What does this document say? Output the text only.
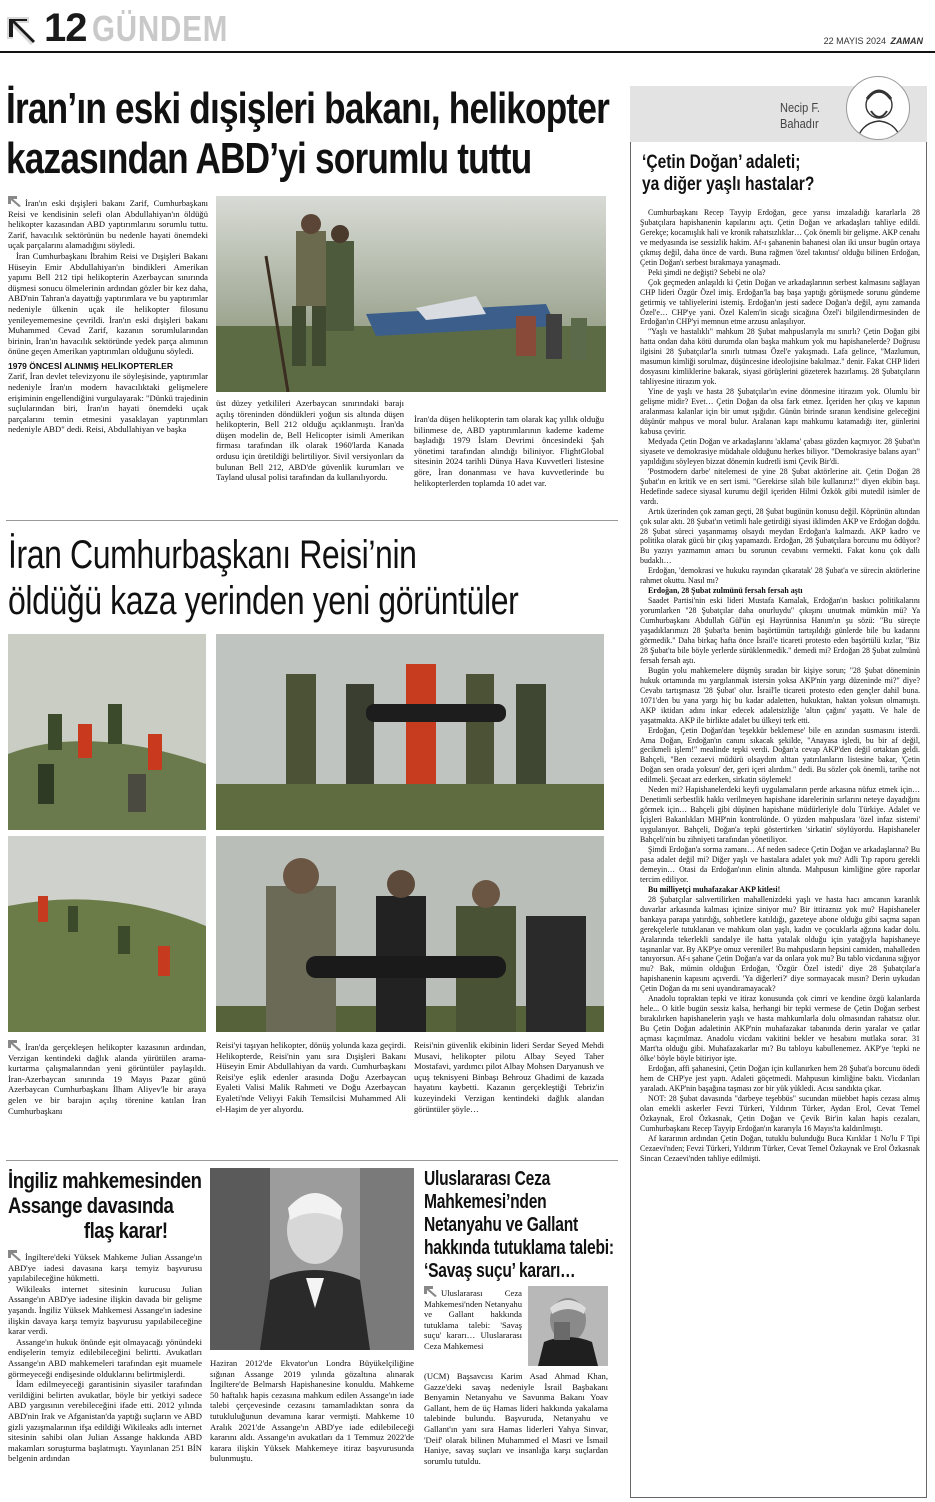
12 GÜNDEM	22 MAYIS 2024 ZAMAN
İran’ın eski dışişleri bakanı, helikopter
kazasından ABD’yi sorumlu tuttu

İran'ın eski dışişleri bakanı Zarif, Cumhurbaşkanı Reisi ve kendisinin selefi olan Abdullahiyan'ın öldüğü helikopter kazasından ABD yaptırımlarını sorumlu tuttu. Zarif, havacılık sektörünün bu nedenle hayati önemdeki uçak parçalarını alamadığını söyledi.

İran Cumhurbaşkanı İbrahim Reisi ve Dışişleri Bakanı Hüseyin Emir Abdullahiyan'ın bindikleri Amerikan yapımı Bell 212 tipi helikopterin Azerbaycan sınırında düşmesi sonucu ölmelerinin ardından gözler bir kez daha, ABD'nin Tahran'a dayattığı yaptırımlara ve bu yaptırımlar nedeniyle ülkenin uçak ile helikopter filosunu yenileyememesine çevrildi. İran'ın eski dışişleri bakanı Muhammed Cevad Zarif, kazanın sorumlularından birinin, İran'ın havacılık sektöründe yedek parça alımının önüne geçen Amerikan yaptırımları olduğunu söyledi.

1979 ÖNCESİ ALINMIŞ HELİKOPTERLER

Zarif, İran devlet televizyonu ile söyleşisinde, yaptırımlar nedeniyle İran'ın modern havacılıktaki gelişmelere erişiminin engellendiğini vurgulayarak: "Dünkü trajedinin suçlularından biri, İran'ın hayati önemdeki uçak parçalarını temin etmesini yasaklayan yaptırımları nedeniyle ABD" dedi. Reisi, Abdullahiyan ve başka

üst düzey yetkilileri Azerbaycan sınırındaki barajı açılış töreninden döndükleri yoğun sis altında düşen helikopterin, Bell 212 olduğu açıklanmıştı. İran'da düşen modelin de, Bell Helicopter isimli Amerikan firması tarafından ilk olarak 1960'larda Kanada ordusu için üretildiği belirtiliyor. Sivil versiyonları da bulunan Bell 212, ABD'de güvenlik kurumları ve Tayland ulusal polisi tarafından da kullanılıyordu.
İran'da düşen helikopterin tam olarak kaç yıllık olduğu bilinmese de, ABD yaptırımlarının kademe kademe başladığı 1979 İslam Devrimi öncesindeki Şah yönetimi tarafından alındığı biliniyor. FlightGlobal sitesinin 2024 tarihli Dünya Hava Kuvvetleri listesine göre, İran donanması ve hava kuvvetlerinde bu helikopterlerden toplamda 10 adet var.
İran Cumhurbaşkanı Reisi’nin
öldüğü kaza yerinden yeni görüntüler

İran'da gerçekleşen helikopter kazasının ardından, Verzigan kentindeki dağlık alanda yürütülen arama-kurtarma çalışmalarından yeni görüntüler paylaşıldı. İran-Azerbaycan sınırında 19 Mayıs Pazar günü Azerbaycan Cumhurbaşkanı İlham Aliyev'le bir araya gelen ve bir barajın açılış törenine katılan İran Cumhurbaşkanı

Reisi'yi taşıyan helikopter, dönüş yolunda kaza geçirdi. Helikopterde, Reisi'nin yanı sıra Dışişleri Bakanı Hüseyin Emir Abdullahiyan da vardı. Cumhurbaşkanı Reisi'ye eşlik edenler arasında Doğu Azerbaycan Eyaleti Valisi Malik Rahmeti ve Doğu Azerbaycan Eyaleti'nde Veliyyi Fakih Temsilcisi Muhammed Ali el-Haşim de yer alıyordu.
Reisi'nin güvenlik ekibinin lideri Serdar Seyed Mehdi Musavi, helikopter pilotu Albay Seyed Taher Mostafavi, yardımcı pilot Albay Mohsen Daryanush ve uçuş teknisyeni Binbaşı Behrouz Ghadimi de kazada hayatını kaybetti. Kazanın gerçekleştiği Tebriz'in kuzeyindeki Verzigan kentindeki dağlık alandan görüntüler şöyle…
İngiliz mahkemesinden
Assange davasında
flaş karar!

İngiltere'deki Yüksek Mahkeme Julian Assange'ın ABD'ye iadesi davasına karşı temyiz başvurusu yapılabileceğine hükmetti.

Wikileaks internet sitesinin kurucusu Julian Assange'ın ABD'ye iadesine ilişkin davada bir gelişme yaşandı. İngiliz Yüksek Mahkemesi Assange'ın iadesine ilişkin davaya karşı temyiz başvurusu yapılabileceğine karar verdi.

Assange'ın hukuk önünde eşit olmayacağı yönündeki endişelerin temyiz edilebileceğini belirtti. Avukatları Assange'ın ABD mahkemeleri tarafından eşit muamele görmeyeceği endişesinde olduklarını belirtmişlerdi.

İdam edilmeyeceği garantisinin siyasiler tarafından verildiğini belirten avukatlar, böyle bir yetkiyi sadece ABD yargısının verebileceğini ifade etti. 2012 yılında ABD'nin Irak ve Afganistan'da yaptığı suçların ve ABD gizli yazışmalarının ifşa edildiği Wikileaks adlı internet sitesinin sahibi olan Julian Assange hakkında ABD makamları soruşturma başlatmıştı. Yayınlanan 251 BİN belgenin ardından

Haziran 2012'de Ekvator'un Londra Büyükelçiliğine sığınan Assange 2019 yılında gözaltına alınarak İngiltere'de Belmarsh Hapishanesine konuldu. Mahkeme 50 haftalık hapis cezasına mahkum edilen Assange'ın iade talebi çerçevesinde cezasını tamamladıktan sonra da tutukluluğunun devamına karar vermişti. Mahkeme 10 Aralık 2021'de Assange'ın ABD'ye iade edilebileceği kararını aldı. Assange'ın avukatları da 1 Temmuz 2022'de karara ilişkin Yüksek Mahkemeye itiraz başvurusunda bulunmuştu.
Uluslararası Ceza
Mahkemesi’nden
Netanyahu ve Gallant
hakkında tutuklama talebi:
‘Savaş suçu’ kararı…

Uluslararası Ceza Mahkemesi'nden Netanyahu ve Gallant hakkında tutuklama talebi: 'Savaş suçu' kararı… Uluslararası Ceza Mahkemesi

(UCM) Başsavcısı Karim Asad Ahmad Khan, Gazze'deki savaş nedeniyle İsrail Başbakanı Benyamin Netanyahu ve Savunma Bakanı Yoav Gallant, hem de üç Hamas lideri hakkında yakalama talebinde bulundu. Başvuruda, Netanyahu ve Gallant'ın yanı sıra Hamas liderleri Yahya Sinvar, 'Deif' olarak bilinen Muhammed el Masri ve İsmail Haniye, savaş suçları ve insanlığa karşı suçlardan sorumlu tutuldu.
Necip F.
Bahadır
‘Çetin Doğan’ adaleti;
ya diğer yaşlı hastalar?

Cumhurbaşkanı Recep Tayyip Erdoğan, gece yarısı imzaladığı kararlarla 28 Şubatçılara hapishanenin kapılarını açtı. Çetin Doğan ve arkadaşları tahliye edildi. Gerekçe; kocamışlık hali ve kronik rahatsızlıklar… Çok önemli bir gelişme. AKP cenahı ve medyasında ise sessizlik hakim. Af-ı şahanenin bahanesi olan iki unsur bugün ortaya çıkmış değil, daha önce de vardı. Buna rağmen 'özel takıntısı' olduğu bilinen Erdoğan, Çetin Doğan'ı serbest bırakmaya yanaşmadı.

Peki şimdi ne değişti? Sebebi ne ola?

Çok geçmeden anlaşıldı ki Çetin Doğan ve arkadaşlarının serbest kalmasını sağlayan CHP lideri Özgür Özel imiş. Erdoğan'la baş başa yaptığı görüşmede sorunu gündeme getirmiş ve tahliyelerini istemiş. Erdoğan'ın jesti sadece Doğan'a değil, aynı zamanda Özel'e… CHP'ye yani. Özel Kalem'in sicağı sicağına Özel'i bilgilendirmesinden de Erdoğan'ın CHP'yi memnun etme arzusu anlaşılıyor.

"Yaşlı ve hastalıklı" mahkum 28 Şubat mahpuslarıyla mı sınırlı? Çetin Doğan gibi hatta ondan daha kötü durumda olan başka mahkum yok mu hapishanelerde? Doğrusu ilgisini 28 Şubatçılar'la sınırlı tutması Özel'e yakışmadı. Lafa gelince, "Mazlumun, masumun kimliği sorulmaz, düşüncesine ideolojisine bakılmaz." denir. Fakat CHP lideri dosyasını kimliklerine bakarak, siyasi görüşlerini gözeterek hazırlamış. 28 Şubatçıların tahliyesine itirazım yok.

Yine de yaşlı ve hasta 28 Şubatçılar'ın evine dönmesine itirazım yok. Olumlu bir gelişme midir? Evet… Çetin Doğan da olsa fark etmez. İçeriden her çıkış ve kapının aralanması kalanlar için bir umut ışığıdır. Günün birinde sıranın kendisine geleceğini düşünür mahpus ve moral bulur. Aralanan kapı mahkumu katamadığı iter, günlerini kabusa çevirir.

Medyada Çetin Doğan ve arkadaşlarını 'aklama' çabası gözden kaçmıyor. 28 Şubat'ın siyasete ve demokrasiye müdahale olduğunu herkes biliyor. "Demokrasiye balans ayarı" yapıldığını söyleyen bizzat dönemin kudretli ismi Çevik Bir'di.

'Postmodern darbe' nitelemesi de yine 28 Şubat aktörlerine ait. Çetin Doğan 28 Şubat'ın en kritik ve en sert ismi. "Gerekirse silah bile kullanırız!" diyen ekibin başı. Hedefinde sadece siyasal kurumu değil içeriden Hilmi Özkök gibi mutedil isimler de vardı.

Artık üzerinden çok zaman geçti, 28 Şubat bugünün konusu değil. Köprünün altından çok sular aktı. 28 Şubat'ın vetimli hale getirdiği siyasi iklimden AKP ve Erdoğan doğdu. 28 Şubat süreci yaşanmamış olsaydı meydan Erdoğan'a kalmazdı. AKP kadro ve politika olarak gücü bir çıkış yapamazdı. Erdoğan, 28 Şubatçılara borcunu mu ödüyor? Bu yazıyı yazmamın amacı bu sorunun cevabını vermekti. Fakat konu çok dallı budaklı…

Erdoğan, 'demokrasi ve hukuku rayından çıkaratak' 28 Şubat'a ve sürecin aktörlerine rahmet okuttu. Nasıl mı?

Erdoğan, 28 Şubat zulmünü fersah fersah aştı

Saadet Partisi'nin eski lideri Mustafa Kamalak, Erdoğan'ın baskıcı politikalarını yorumlarken "28 Şubatçılar daha onurluydu" çıkışını unutmak mümkün mü? Ya Cumhurbaşkanı Abdullah Gül'ün eşi Hayrünnisa Hanım'ın şu sözü: "Bu süreçte yaşadıklarımızı 28 Şubat'ta benim başörtümün tartışıldığı günlerde bile bu kadarını görmedik." Daha birkaç hafta önce İsrail'e ticareti protesto eden başörtülü kızlar, "Biz 28 Şubat'ta bile böyle yerlerde sürüklenmedik." demedi mi? Erdoğan 28 Şubat zulmünü fersah fersah aştı.

Bugün yolu mahkemelere düşmüş sıradan bir kişiye sorun; "28 Şubat döneminin hukuk ortamında mı yargılanmak istersin yoksa AKP'nin yargı düzeninde mi?" diye? Cevabı tartışmasız '28 Şubat' olur. İsrail'le ticareti protesto eden gençler dahil buna. 1071'den bu yana yargı hiç bu kadar adaletten, hukuktan, haktan yoksun olmamıştı. AKP iktidarı adını inkar edecek adaletsizliğe 'altın çağını' yaşattı. Ve hale de yaşatmakta. AKP ile birlikte adalet bu ülkeyi terk etti.

Erdoğan, Çetin Doğan'dan 'teşekkür beklemese' bile en azından susmasını isterdi. Ama Doğan, Erdoğan'ın canını sıkacak şekilde, "Anayasa işledi, bu bir af değil, gecikmeli işlem!" mealinde tepki verdi. Doğan'a cevap AKP'den değil ortaktan geldi. Bahçeli, "Ben cezaevi müdürü olsaydım alttan yatırılanların listesine bakar, 'Çetin Doğan sen orada yoksun' der, geri içeri alırdım." dedi. Bu sözler çok önemli, tarihe not edilmeli. Şecaat arz ederken, sirkatin söylemek!

Neden mi? Hapishanelerdeki keyfi uygulamaların perde arkasına nüfuz etmek için… Denetimli serbestlik hakkı verilmeyen hapishane idarelerinin sırlarını neteye dayadığını görmek için… Bahçeli gibi düşünen hapishane müdürleriyle dolu Türkiye. Adalet ve İçişleri Bakanlıkları MHP'nin kontrolünde. O yüzden mahpuslara 'özel infaz sistemi' uygulanıyor. Bahçeli, Doğan'a tepki göstertirken 'sirkatin' söylüyordu. Hapishaneler Bahçeli'nin bu zihniyeti tarafından yönetiliyor.

Şimdi Erdoğan'a sorma zamanı… Af neden sadece Çetin Doğan ve arkadaşlarına? Bu pasa adalet değil mi? Diğer yaşlı ve hastalara adalet yok mu? Adli Tıp raporu gerekli demeyin… Otasi da Erdoğan'ının elinin altında. Mahpusun kimliğine göre raporlar tercim ediliyor.

Bu milliyetçi muhafazakar AKP kitlesi!

28 Şubatçılar salıvertilirken mahallenizdeki yaşlı ve hasta hacı amcanın karanlık duvarlar arkasında kalması içinize siniyor mu? Bir ittiraznız yok mu? Hapishaneler bankaya parapa yatırdığı, sohbetlere katıldığı, gazeteye abone olduğu gibi saçma sapan gerekçelerle tutuklanan ve mahkum olan yaşlı, kadın ve çocuklarla ağzına kadar dolu. Aralarında tekerlekli sandalye ile hatta yatalak olduğu için yatağıyla hapishaneye taşınanlar var. By AKP'ye omuz vereniler! Bu mahpusların hepsini camiden, mahalleden tanıyorsun. Af-ı şahane Çetin Doğan'a var da onlara yok mu? Bu tablo vicdanına sığıyor mu? Bak, mümin olduğun Erdoğan, 'Özgür Özel istedi' diye 28 Şubatçılar'a hapishanenin kapısını açıverdi. 'Ya diğerleri?' diye sormayacak mısın? Derin uykudan Çetin Doğan da mı seni uyandıramayacak?

Anadolu topraktan tepki ve itiraz konusunda çok cimri ve kendine özgü kalanlarda hele... O kitle bugün sessiz kalsa, herhangi bir tepki vermese de Çetin Doğan serbest bırakılırken hapishanelerin yaşlı ve hasta mahkumlarla dolu olmasından rahatsız olur. Bu Çetin Doğan adaletinin AKP'nin muhafazakar tabanında derin yaralar ve çatlar açması kaçınılmaz. Anadolu vicdanı vakitini bekler ve hesabını mutlaka sorar. 31 Mart'ta olduğu gibi. Muhafazakarlar mı? Bu tabloyu kabullenemez. AKP'ye 'tepki ne ölke' böyle böyle bitiriyor işte.

Erdoğan, affi şahanesini, Çetin Doğan için kullanırken hem 28 Şubat'a borcunu ödedi hem de CHP'ye jest yaptı. Adaleti göçetmedi. Mahpusun kimliğine baktı. Vicdanları yaraladı. AKP'nin başağına taşması zor bir yük yükledi. Acısı sandıkta çıkar.

NOT: 28 Şubat davasında "darbeye teşebbüs" sucundan müebbet hapis cezası almış olan emekli askerler Fevzi Türkeri, Yıldırım Türker, Aydan Erol, Cevat Temel Özkaynak, Erol Özkasnak, Çetin Doğan ve Çevik Bir'in kalan hapis cezaları, Cumhurbaşkanı Recep Tayyip Erdoğan'ın kararıyla 16 Mayıs'ta kaldırılmıştı.

Af kararının ardından Çetin Doğan, tutuklu bulunduğu Buca Kırıklar 1 No'lu F Tipi Cezaevi'nden; Fevzi Türkeri, Yıldırım Türker, Cevat Temel Özkaynak ve Erol Özkasnak Sincan Cezaevi'nden tahliye edilmişti.
